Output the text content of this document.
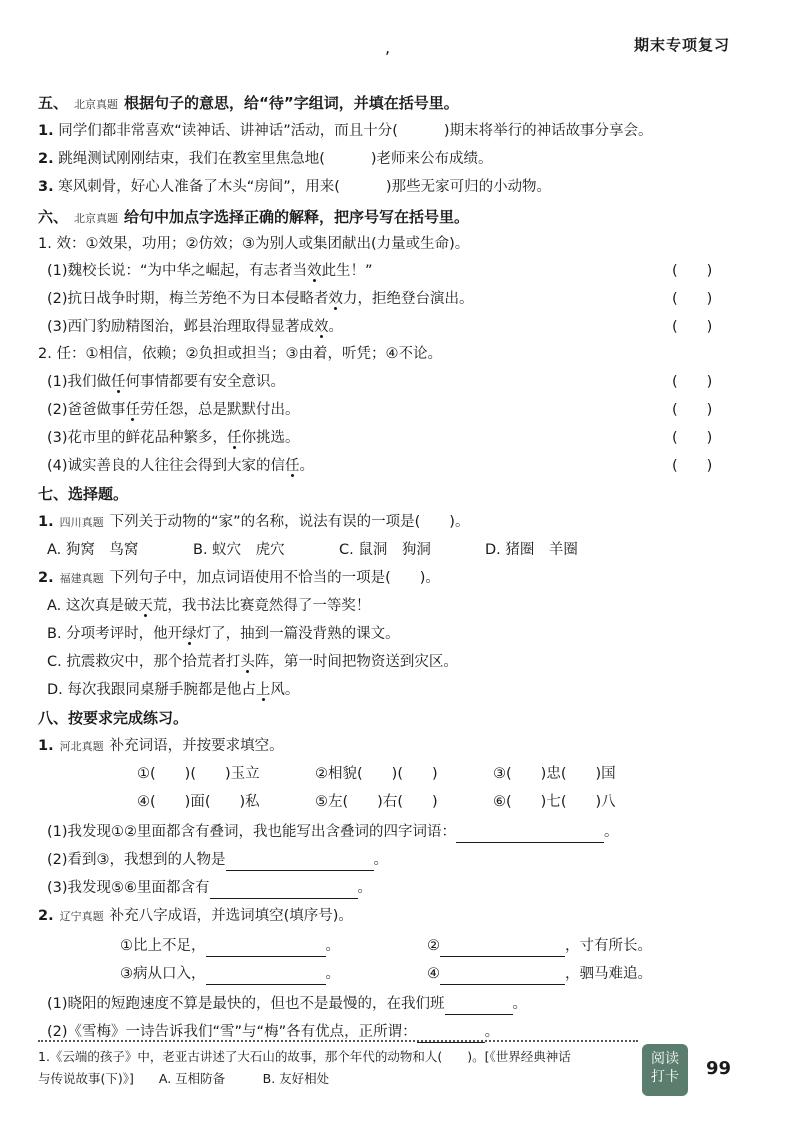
,	期末专项复习
五、 北京真题 根据句子的意思，给“待”字组词，并填在括号里。
1. 同学们都非常喜欢“读神话、讲神话”活动，而且十分(	)期末将举行的神话故事分享会。
2. 跳绳测试刚刚结束，我们在教室里焦急地(	)老师来公布成绩。
3. 寒风刺骨，好心人准备了木头“房间”，用来(	)那些无家可归的小动物。
六、 北京真题 给句中加点字选择正确的解释，把序号写在括号里。
1. 效：①效果，功用；②仿效；③为别人或集团献出(力量或生命)。
(1)魏校长说：“为中华之崛起，有志者当效此生！”	(　　)
(2)抗日战争时期，梅兰芳绝不为日本侵略者效力，拒绝登台演出。	(　　)
(3)西门豹励精图治，邺县治理取得显著成效。	(　　)
2. 任：①相信，依赖；②负担或担当；③由着，听凭；④不论。
(1)我们做任何事情都要有安全意识。	(　　)
(2)爸爸做事任劳任怨，总是默默付出。	(　　)
(3)花市里的鲜花品种繁多，任你挑选。	(　　)
(4)诚实善良的人往往会得到大家的信任。	(　　)
七、选择题。
1. 四川真题 下列关于动物的“家”的名称，说法有误的一项是(　　)。
A. 狗窝　鸟窝	B. 蚁穴　虎穴	C. 鼠洞　狗洞	D. 猪圈　羊圈
2. 福建真题 下列句子中，加点词语使用不恰当的一项是(　　)。
A. 这次真是破天荒，我书法比赛竟然得了一等奖！
B. 分项考评时，他开绿灯了，抽到一篇没背熟的课文。
C. 抗震救灾中，那个拾荒者打头阵，第一时间把物资送到灾区。
D. 每次我跟同桌掰手腕都是他占上风。
八、按要求完成练习。
1. 河北真题 补充词语，并按要求填空。
①(　　)(　　)玉立	②相貌(　　)(　　)	③(　　)忠(　　)国
④(　　)面(　　)私	⑤左(　　)右(　　)	⑥(　　)七(　　)八
(1)我发现①②里面都含有叠词，我也能写出含叠词的四字词语：	。
(2)看到③，我想到的人物是	。
(3)我发现⑤⑥里面都含有	。
2. 辽宁真题 补充八字成语，并选词填空(填序号)。
①比上不足，	。	②	，寸有所长。
③病从口入，	。	④	，驷马难追。
(1)晓阳的短跑速度不算是最快的，但也不是最慢的，在我们班	。
(2)《雪梅》一诗告诉我们“雪”与“梅”各有优点，正所谓：	。
1.《云端的孩子》中，老亚古讲述了大石山的故事，那个年代的动物和人(　　)。[《世界经典神话
与传说故事(下)》]　　A. 互相防备　　　B. 友好相处
阅读
打卡	99
